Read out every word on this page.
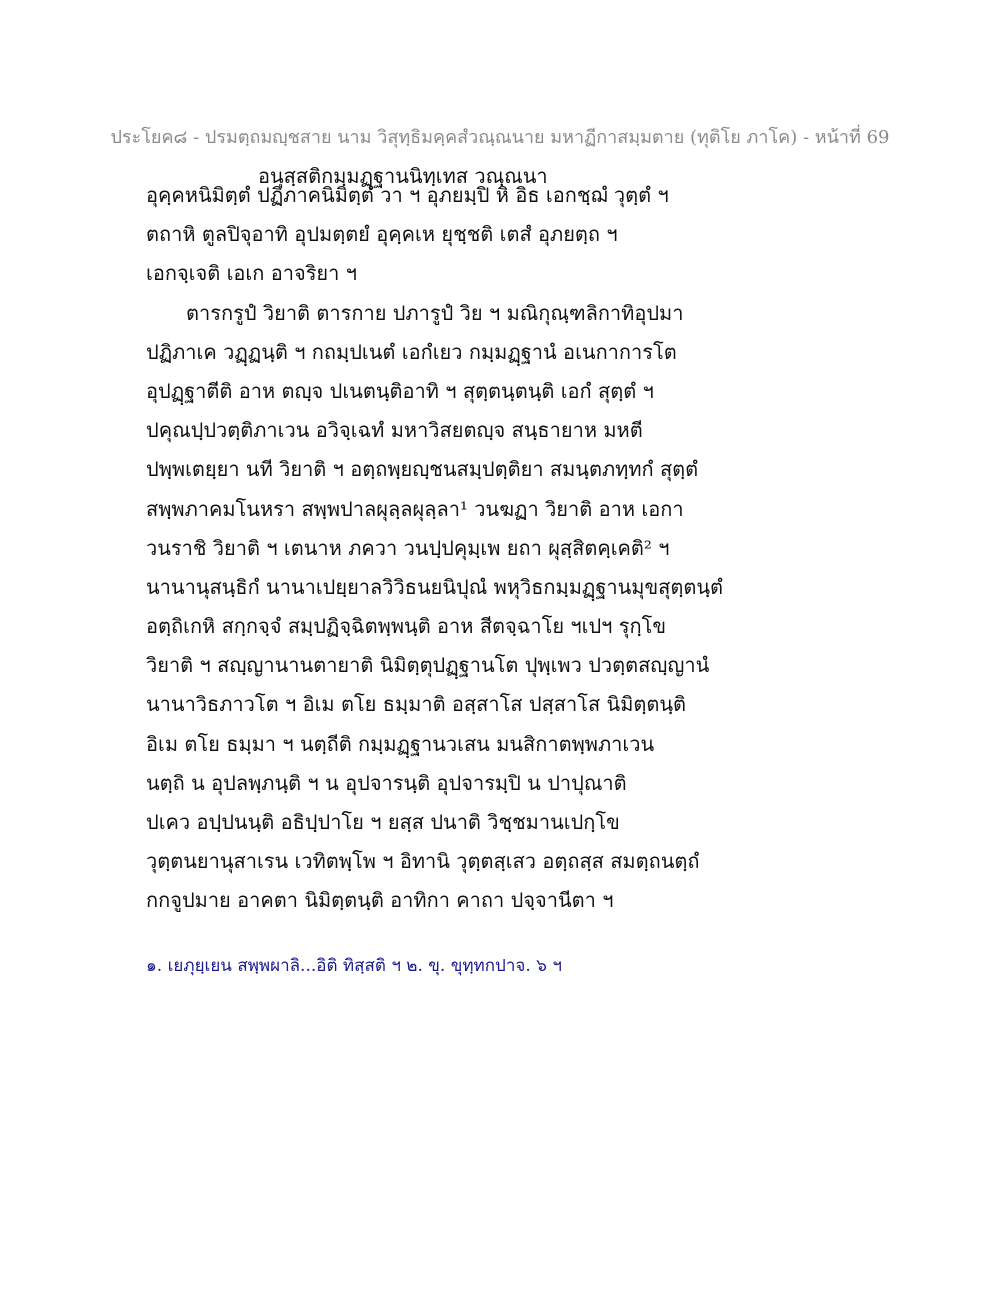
ประโยค๘ - ปรมตฺถมญฺชสาย นาม วิสุทฺธิมคฺคสํวณฺณนาย มหาฏีกาสมฺมตาย (ทุติโย ภาโค) - หน้าที่ 69
อนุสฺสติกมฺมฏฺฐานนิทฺเทส วณฺณนา
อุคฺคหนิมิตฺตํ ปฏิภาคนิมิตฺตํ วา ฯ อุภยมฺปิ หิ อิธ เอกชฺฌํ วุตฺตํ ฯ
ตถาหิ ตูลปิจุอาทิ อุปมตฺตยํ อุคฺคเห ยุชฺชติ เตสํ อุภยตฺถ ฯ
เอกจฺเจติ เอเก อาจริยา ฯ
ตารกรูปํ วิยาติ ตารกาย ปภารูปํ วิย ฯ มณิกุณฺฑลิกาทิอุปมา
ปฏิภาเค วฏฺฏนฺติ ฯ กถมฺปเนตํ เอกํเยว กมฺมฏฺฐานํ อเนกาการโต
อุปฏฺฐาตีติ อาห ตญฺจ ปเนตนฺติอาทิ ฯ สุตฺตนฺตนฺติ เอกํ สุตฺตํ ฯ
ปคุณปฺปวตฺติภาเวน อวิจฺเฉทํ มหาวิสยตญฺจ สนฺธายาห มหตี
ปพฺพเตยฺยา นที วิยาติ ฯ อตฺถพฺยญฺชนสมฺปตฺติยา สมนฺตภทฺทกํ สุตฺตํ
สพฺพภาคมโนหรา สพฺพปาลผุลฺลผุลฺลา¹ วนฆฏา วิยาติ อาห เอกา
วนราชิ วิยาติ ฯ เตนาห ภควา วนปฺปคุมฺเพ ยถา ผุสฺสิตคฺเคติ² ฯ
นานานุสนฺธิกํ นานาเปยฺยาลวิวิธนยนิปุณํ พหุวิธกมฺมฏฺฐานมุขสุตฺตนฺตํ
อตฺถิเกหิ สกฺกจฺจํ สมฺปฏิจฺฉิตพฺพนฺติ อาห สีตจฺฉาโย ฯเปฯ รุกฺโข
วิยาติ ฯ สญฺญานานตายาติ นิมิตฺตุปฏฺฐานโต ปุพฺเพว ปวตฺตสญฺญานํ
นานาวิธภาวโต ฯ อิเม ตโย ธมฺมาติ อสฺสาโส ปสฺสาโส นิมิตฺตนฺติ
อิเม ตโย ธมฺมา ฯ นตฺถีติ กมฺมฏฺฐานวเสน มนสิกาตพฺพภาเวน
นตฺถิ น อุปลพฺภนฺติ ฯ น อุปจารนฺติ อุปจารมฺปิ น ปาปุณาติ
ปเคว อปฺปนนฺติ อธิปฺปาโย ฯ ยสฺส ปนาติ วิชฺชมานเปกฺโข
วุตฺตนยานุสาเรน เวทิตพฺโพ ฯ อิทานิ วุตฺตสฺเสว อตฺถสฺส สมตฺถนตฺถํ
กกจูปมาย อาคตา นิมิตฺตนฺติ อาทิกา คาถา ปจฺจานีตา ฯ
๑. เยภุยฺเยน สพฺพผาลิ...อิติ ทิสฺสติ ฯ ๒. ขุ. ขุทฺทกปาจ. ๖ ฯ
